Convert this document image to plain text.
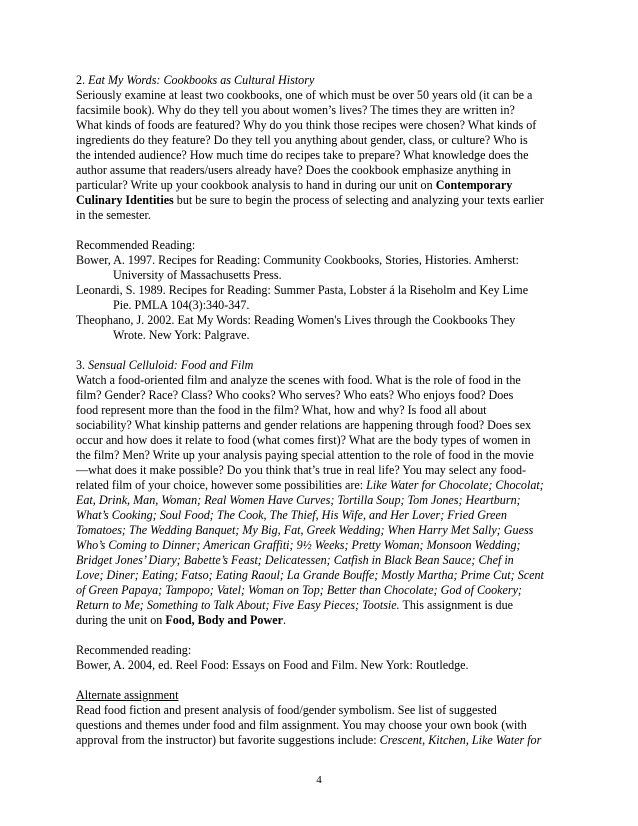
2. Eat My Words: Cookbooks as Cultural History
Seriously examine at least two cookbooks, one of which must be over 50 years old (it can be a
facsimile book). Why do they tell you about women’s lives? The times they are written in?
What kinds of foods are featured? Why do you think those recipes were chosen? What kinds of
ingredients do they feature? Do they tell you anything about gender, class, or culture? Who is
the intended audience? How much time do recipes take to prepare? What knowledge does the
author assume that readers/users already have? Does the cookbook emphasize anything in
particular? Write up your cookbook analysis to hand in during our unit on Contemporary
Culinary Identities but be sure to begin the process of selecting and analyzing your texts earlier
in the semester.
Recommended Reading:
Bower, A. 1997. Recipes for Reading: Community Cookbooks, Stories, Histories. Amherst:
University of Massachusetts Press.
Leonardi, S. 1989. Recipes for Reading: Summer Pasta, Lobster á la Riseholm and Key Lime
Pie. PMLA 104(3):340-347.
Theophano, J. 2002. Eat My Words: Reading Women's Lives through the Cookbooks They
Wrote. New York: Palgrave.
3. Sensual Celluloid: Food and Film
Watch a food-oriented film and analyze the scenes with food. What is the role of food in the
film? Gender? Race? Class? Who cooks? Who serves? Who eats? Who enjoys food? Does
food represent more than the food in the film? What, how and why? Is food all about
sociability? What kinship patterns and gender relations are happening through food? Does sex
occur and how does it relate to food (what comes first)? What are the body types of women in
the film? Men? Write up your analysis paying special attention to the role of food in the movie
—what does it make possible? Do you think that’s true in real life? You may select any food-
related film of your choice, however some possibilities are: Like Water for Chocolate; Chocolat;
Eat, Drink, Man, Woman; Real Women Have Curves; Tortilla Soup; Tom Jones; Heartburn;
What’s Cooking; Soul Food; The Cook, The Thief, His Wife, and Her Lover; Fried Green
Tomatoes; The Wedding Banquet; My Big, Fat, Greek Wedding; When Harry Met Sally; Guess
Who’s Coming to Dinner; American Graffiti; 9½ Weeks; Pretty Woman; Monsoon Wedding;
Bridget Jones’ Diary; Babette’s Feast; Delicatessen; Catfish in Black Bean Sauce; Chef in
Love; Diner; Eating; Fatso; Eating Raoul; La Grande Bouffe; Mostly Martha; Prime Cut; Scent
of Green Papaya; Tampopo; Vatel; Woman on Top; Better than Chocolate; God of Cookery;
Return to Me; Something to Talk About; Five Easy Pieces; Tootsie. This assignment is due
during the unit on Food, Body and Power.
Recommended reading:
Bower, A. 2004, ed. Reel Food: Essays on Food and Film. New York: Routledge.
Alternate assignment
Read food fiction and present analysis of food/gender symbolism. See list of suggested
questions and themes under food and film assignment. You may choose your own book (with
approval from the instructor) but favorite suggestions include: Crescent, Kitchen, Like Water for
4
